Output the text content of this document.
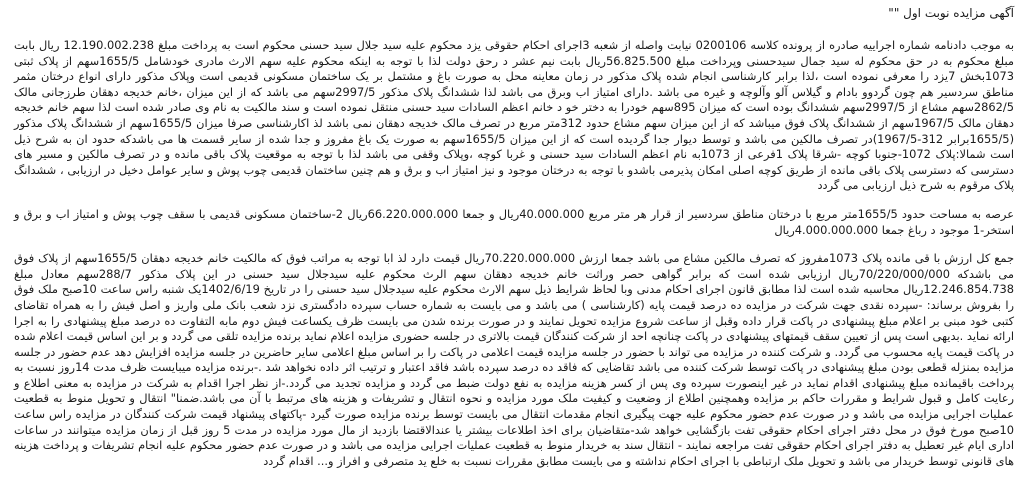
آگهی مزایده نوبت اول ""

به موجب دادنامه شماره اجراییه صادره از پرونده کلاسه 0200106 نیابت واصله از شعبه 3اجرای احکام حقوقی یزد محکوم علیه سید جلال سید حسنی محکوم است به پرداخت مبلغ 12.190.002.238 ریال بابت مبلغ محکوم به در حق محکوم له سید جمال سیدحسنی وپرداخت مبلغ 56.825.500ریال بابت نیم عشر د رحق دولت لذا با توجه به اینکه محکوم علیه سهم الارث مادری خودشامل 1655/5سهم از پلاک ثبتی 1073بخش 7یزد را معرفی نموده است ،لذا برابر کارشناسی انجام شده پلاک مذکور در زمان معاینه محل به صورت باغ و مشتمل بر یک ساختمان مسکونی قدیمی است وپلاک مذکور دارای انواع درختان مثمر مناطق سردسیر هم چون گردوو بادام و گیلاس آلو وآلوچه و غیره می باشد .دارای امتیاز اب وبرق می باشد لذا ششدانگ پلاک مذکور 2997/5سهم می باشد که از این میزان ،خانم خدیجه دهقان طرزجانی مالک 2862/5سهم مشاع از 2997/5سهم ششدانگ بوده است که میزان 895سهم خودرا به دختر خو د خانم اعظم السادات سید حسنی منتقل نموده است و سند مالکیت به نام وی صادر شده است لذا سهم خانم خدیجه دهقان مالک 1967/5سهم از ششدانگ پلاک فوق میباشد که از این میزان سهم مشاع حدود 312متر مربع در تصرف مالک خدیجه دهقان نمی باشد لذ اکارشناسی صرفا میزان 1655/5سهم از ششدانگ پلاک مذکور (1655/5برابر 312-1967/5)در تصرف مالکین می باشد و توسط دیوار جدا گردیده است که از این میزان 1655/5سهم به صورت یک باغ مفروز و جدا شده از سایر قسمت ها می باشدکه حدود ان به شرح ذیل است شمالا:پلاک 1072-جنوبا کوچه -شرقا پلاک 1فرعی از 1073به نام اعظم السادات سید حسنی و غربا کوچه ،وپلاک وقفی می باشد لذا با توجه به موقعیت پلاک باقی مانده و در تصرف مالکین و مسیر های دسترسی که دسترسی پلاک باقی مانده از طریق کوچه اصلی امکان پذیرمی باشدو با توجه به درختان موجود و نیز امتیاز اب و برق و هم چنین ساختمان قدیمی چوب پوش و سایر عوامل دخیل در ارزیابی ، ششدانگ پلاک مرقوم به شرح ذیل ارزیابی می گردد

عرصه به مساحت حدود 1655/5متر مربع با درختان مناطق سردسیر از قرار هر متر مربع 40.000.000ریال و جمعا 66.220.000.000ریال 2-ساختمان مسکونی قدیمی با سقف چوب پوش و امتیاز اب و برق و استخر-1 موجود د رباغ جمعا 4.000.000.000ریال

جمع کل ارزش با قی مانده پلاک 1073مفروز که تصرف مالکین مشاع می باشد جمعا ارزش 70.220.000.000ریال قیمت دارد لذ ابا توجه به مراتب فوق که مالکیت خانم خدیجه دهقان 1655/5سهم از پلاک فوق می باشدکه 70/220/000/000ریال ارزیابی شده است که برابر گواهی حصر وراثت خانم خدیجه دهقان سهم الرث محکوم علیه سیدجلال سید حسنی در این پلاک مذکور 288/7سهم معادل مبلغ 12.246.854.738ریال محاسبه شده است لذا مطابق قانون اجرای احکام مدنی وبا لحاظ شرایط ذیل سهم الارث محکوم علیه سیدجلال سید حسنی را در تاریخ 1402/6/19یک شنبه راس ساعت 10صبح ملک فوق را بفروش برساند: -سپرده نقدی جهت شرکت در مزایده ده درصد قیمت پایه (کارشناسی ) می باشد و می بایست به شماره حساب سپرده دادگستری نزد شعب بانک ملی واریز و اصل فیش را به همراه تقاضای کتبی خود مبنی بر اعلام مبلغ پیشنهادی در پاکت قرار داده وقبل از ساعت شروع مزایده تحویل نمایند و در صورت برنده شدن می بایست ظرف یکساعت فیش دوم مابه التفاوت ده درصد مبلغ پیشنهادی را به اجرا ارائه نماید .بدیهی است پس از تعیین سقف قیمتهای پیشنهادی در پاکت چنانچه احد از شرکت کنندگان قیمت بالاتری در جلسه حضوری مزایده اعلام نماید برنده مزایده تلقی می گردد و بر این اساس قیمت اعلام شده در پاکت قیمت پایه محسوب می گردد. و شرکت کننده در مزایده می تواند با حضور در جلسه مزایده قیمت اعلامی در پاکت را بر اساس مبلغ اعلامی سایر حاضرین در جلسه مزایده افزایش دهد عدم حضور در جلسه مزایده بمنزله قطعی بودن مبلغ پیشنهادی در پاکت توسط شرکت کننده می باشد تقاضایی که فاقد ده درصد سپرده باشد فاقد اعتبار و ترتیب اثر داده نخواهد شد .-برنده مزایده میبایست ظرف مدت 14روز نسبت به پرداخت باقیمانده مبلغ پیشنهادی اقدام نماید در غیر اینصورت سپرده وی پس از کسر هزینه مزایده به نفع دولت ضبط می گردد و مزایده تجدید می گردد.-از نظر اجرا اقدام به شرکت در مزایده به معنی اطلاع و رعایت کامل و قبول شرایط و مقررات حاکم بر مزایده وهمچنین اطلاع از وضعیت و کیفیت ملک مورد مزایده و نحوه انتقال و تشریفات و هزینه های مرتبط با آن می باشد.ضمنا" انتقال و تحویل منوط به قطعیت عملیات اجرایی مزایده می باشد و در صورت عدم حضور محکوم علیه جهت پیگیری انجام مقدمات انتقال می بایست توسط برنده مزایده صورت گیرد -پاکتهای پیشنهاد قیمت شرکت کنندگان در مزایده راس ساعت 10صبح مورخ فوق در محل دفتر اجرای احکام حقوقی تفت بازگشایی خواهد شد-متقاضیان برای اخذ اطلاعات بیشتر یا عندالاقتضا بازدید از مال مورد مزایده در مدت 5 روز قبل از زمان مزایده میتوانند در ساعات اداری ایام غیر تعطیل به دفتر اجرای احکام حقوقی تفت مراجعه نمایند - انتقال سند به خریدار منوط به قطعیت عملیات اجرایی مزایده می باشد و در صورت عدم حضور محکوم علیه انجام تشریفات و پرداخت هزینه های قانونی توسط خریدار می باشد و تحویل ملک ارتباطی با اجرای احکام نداشته و می بایست مطابق مقررات نسبت به خلع ید متصرفی و افراز و... اقدام گردد
